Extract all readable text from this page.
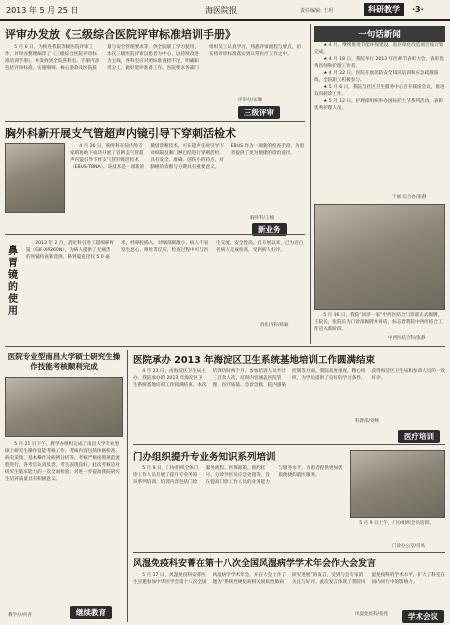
2013 年 5 月 25 日	海医院报	责任编辑: 王玥	科研教学	·3·
评审办发放《三级综合医院评审标准培训手册》

5 月 6 日，为推进我院等级医院评审工作，评审办整理编印了《三级综合医院评审标准培训手册》，并发放到全院各科室。手册内容包括评审标准、实施细则、核心条款及医院质量与安全管理要求等，供全院职工学习使用。本次三级医院评审以患者为中心，以持续改进为主线，各科室应对照标准查找不足，明确职责分工，做好迎评准备工作。医院要求各部门组织员工认真学习，熟悉评审流程与要点，切实将评审标准落实到日常医疗工作之中。

评审办/宋琳
三级评审
胸外科新开展支气管超声内镜引导下穿刺活检术

4 月 26 日，胸外科在院内外专家的协助下成功开展了首例支气管超声内镜引导下经支气管针吸活检术（EBUS-TBNA）。该技术是一项新的微创诊断技术，可在超声实时引导下对纵隔及肺门淋巴结进行穿刺活检，具有安全、准确、创伤小的特点，对肺癌的诊断与分期具有重要意义。EBUS 作为一项新的检查手段，为患者提供了更为便捷的诊治途径。

胸外科/王楠
新业务
一句话新闻

★ 4 月，继续推进节能环保建设，院区绿化改造项目按计划完成。

★ 4 月 18 日，我院举行 2013 年医师节表彰大会，表彰优秀医师和护理工作者。

★ 4 月 22 日，医院开展消防安全知识培训和应急疏散演练，全院职工积极参与。

★ 5 月 6 日，我院与社区卫生服务中心召开联席会议，推进双向转诊工作。

★ 5 月 12 日，护理部组织举办国际护士节系列活动，表彰优秀护理人员。

于丽 综合办/张静
鼻胃镜的使用

2013 年 2 月，消化科引进了超细鼻胃镜（GIF-XP260N），为病人提供了无痛苦的胃镜检查新选择。鼻胃镜直径仅 5.0 毫米，经鼻腔插入，对咽部刺激小，病人不易发生恶心、呕吐等反应，检查过程中可与医生交流，安全性高。自开展以来，已为近百名病人完成检查，受到病人好评。

消化内科/韩颖

5 月 16 日，我院“同济一家”中西医结合门诊部正式揭牌，王院长、张院长为门诊部揭牌并讲话，标志着我院中西医结合工作迈入新阶段。

中西医结合科/张静
医院专业型南昌大学硕士研究生操作技能考核顺利完成

5 月 21 日下午，教学办组织完成了南昌大学专业型硕士研究生操作技能考核工作。考核内容包括体格检查、病史采集、基本操作及病例分析等。考核严格按照规范流程进行，各考官认真负责，考生表现良好。此次考核是对研究生临床能力的一次全面检验，对进一步提高我院研究生培养质量具有积极意义。

继续教育
教学办/何青
医院承办 2013 年海淀区卫生系统基地培训工作圆满结束

4 月 23 日，由海淀区卫生局主办、我院承办的 2013 年海淀区卫生系统基地培训工作圆满结束。本次培训历时两个月，参加培训人员共计三百余人次，培训内容涵盖医院管理、医疗质量、急诊急救、院内感染控制等方面。我院高度重视，精心组织，为学员提供了良好的学习条件，获得海淀区卫生局和参训人员的一致好评。

科教部/刘畅
医疗培训
门办组织提升专业务知识系列培训

5 月 9 日，门办组织全体门诊工作人员开展了提升专业务知识系列培训。培训内容包括门诊服务流程、医保政策、预约挂号、分诊导医及应急处置等，旨在提高门诊工作人员的业务能力与服务水平，为患者提供更加优质便捷的就医服务。

5 月 9 日上午，门办组织全员培训。

门诊办公室/肖凤
风湿免疫科安菁在第十八次全国风湿病学学术年会作大会发言

5 月 17 日，风湿免疫科安菁医生应邀参加中华医学会第十八次全国风湿病学学术年会，并在大会上作了题为“系统性硬化病相关间质性肺病研究进展”的发言，受到与会专家的关注与好评。此次发言体现了我院风湿免疫科的学术水平，扩大了科室在国内同行中的影响力。

风湿免疫科/张苑	学术会议
